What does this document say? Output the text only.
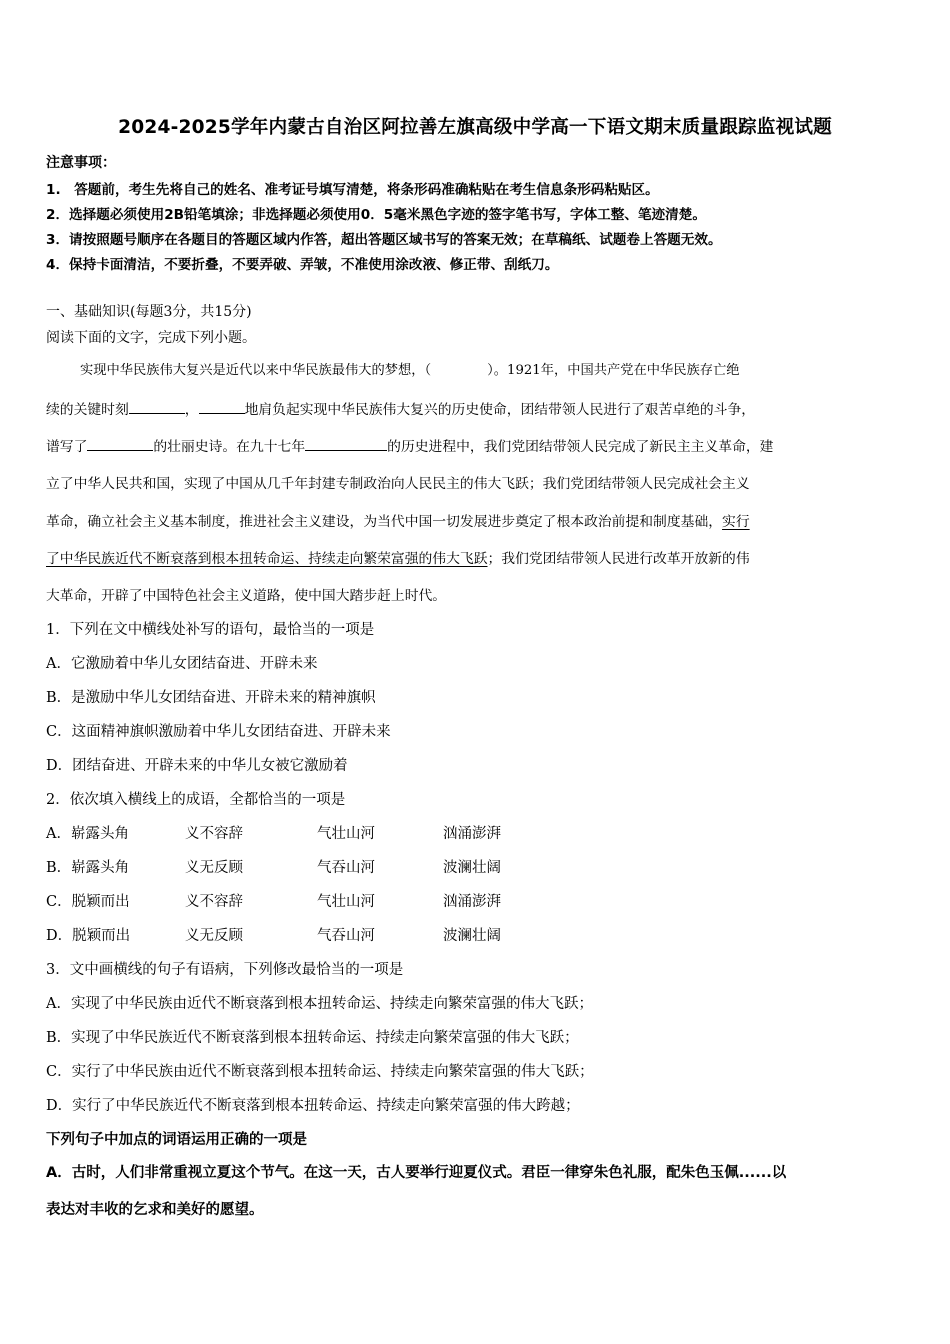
2024-2025学年内蒙古自治区阿拉善左旗高级中学高一下语文期末质量跟踪监视试题
注意事项：
1.　答题前，考生先将自己的姓名、准考证号填写清楚，将条形码准确粘贴在考生信息条形码粘贴区。
2．选择题必须使用2B铅笔填涂；非选择题必须使用0．5毫米黑色字迹的签字笔书写，字体工整、笔迹清楚。
3．请按照题号顺序在各题目的答题区域内作答，超出答题区域书写的答案无效；在草稿纸、试题卷上答题无效。
4．保持卡面清洁，不要折叠，不要弄破、弄皱，不准使用涂改液、修正带、刮纸刀。
一、基础知识(每题3分，共15分)
阅读下面的文字，完成下列小题。
实现中华民族伟大复兴是近代以来中华民族最伟大的梦想，（	）。1921年，中国共产党在中华民族存亡绝
续的关键时刻	，	地肩负起实现中华民族伟大复兴的历史使命，团结带领人民进行了艰苦卓绝的斗争，
谱写了	的壮丽史诗。在九十七年	的历史进程中，我们党团结带领人民完成了新民主主义革命，建
立了中华人民共和国，实现了中国从几千年封建专制政治向人民民主的伟大飞跃；我们党团结带领人民完成社会主义
革命，确立社会主义基本制度，推进社会主义建设，为当代中国一切发展进步奠定了根本政治前提和制度基础，实行
了中华民族近代不断衰落到根本扭转命运、持续走向繁荣富强的伟大飞跃；我们党团结带领人民进行改革开放新的伟
大革命，开辟了中国特色社会主义道路，使中国大踏步赶上时代。
1．下列在文中横线处补写的语句，最恰当的一项是
A．它激励着中华儿女团结奋进、开辟未来
B．是激励中华儿女团结奋进、开辟未来的精神旗帜
C．这面精神旗帜激励着中华儿女团结奋进、开辟未来
D．团结奋进、开辟未来的中华儿女被它激励着
2．依次填入横线上的成语，全都恰当的一项是
A．崭露头角	义不容辞	气壮山河	汹涌澎湃
B．崭露头角	义无反顾	气吞山河	波澜壮阔
C．脱颖而出	义不容辞	气壮山河	汹涌澎湃
D．脱颖而出	义无反顾	气吞山河	波澜壮阔
3．文中画横线的句子有语病，下列修改最恰当的一项是
A．实现了中华民族由近代不断衰落到根本扭转命运、持续走向繁荣富强的伟大飞跃；
B．实现了中华民族近代不断衰落到根本扭转命运、持续走向繁荣富强的伟大飞跃；
C．实行了中华民族由近代不断衰落到根本扭转命运、持续走向繁荣富强的伟大飞跃；
D．实行了中华民族近代不断衰落到根本扭转命运、持续走向繁荣富强的伟大跨越；
下列句子中加点的词语运用正确的一项是
A．古时，人们非常重视立夏这个节气。在这一天，古人要举行迎夏仪式。君臣一律穿朱色礼服，配朱色玉佩......以
表达对丰收的乞求和美好的愿望。
